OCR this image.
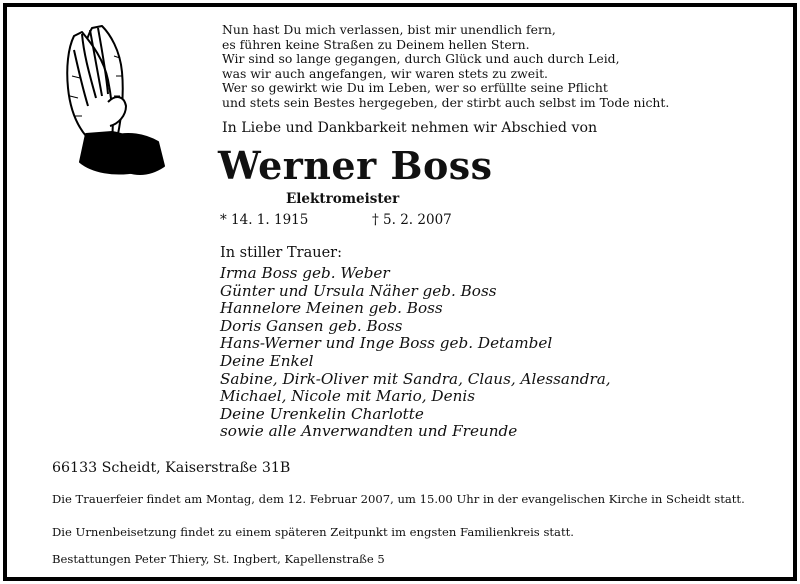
Nun hast Du mich verlassen, bist mir unendlich fern,
es führen keine Straßen zu Deinem hellen Stern.
Wir sind so lange gegangen, durch Glück und auch durch Leid,
was wir auch angefangen, wir waren stets zu zweit.
Wer so gewirkt wie Du im Leben, wer so erfüllte seine Pflicht
und stets sein Bestes hergegeben, der stirbt auch selbst im Tode nicht.
In Liebe und Dankbarkeit nehmen wir Abschied von
Werner Boss
Elektromeister
* 14. 1. 1915	† 5. 2. 2007
In stiller Trauer:
Irma Boss geb. Weber
Günter und Ursula Näher geb. Boss
Hannelore Meinen geb. Boss
Doris Gansen geb. Boss
Hans-Werner und Inge Boss geb. Detambel
Deine Enkel
Sabine, Dirk-Oliver mit Sandra, Claus, Alessandra,
Michael, Nicole mit Mario, Denis
Deine Urenkelin Charlotte
sowie alle Anverwandten und Freunde
66133 Scheidt, Kaiserstraße 31B
Die Trauerfeier findet am Montag, dem 12. Februar 2007, um 15.00 Uhr in der evangelischen Kirche in Scheidt statt.
Die Urnenbeisetzung findet zu einem späteren Zeitpunkt im engsten Familienkreis statt.
Bestattungen Peter Thiery, St. Ingbert, Kapellenstraße 5
